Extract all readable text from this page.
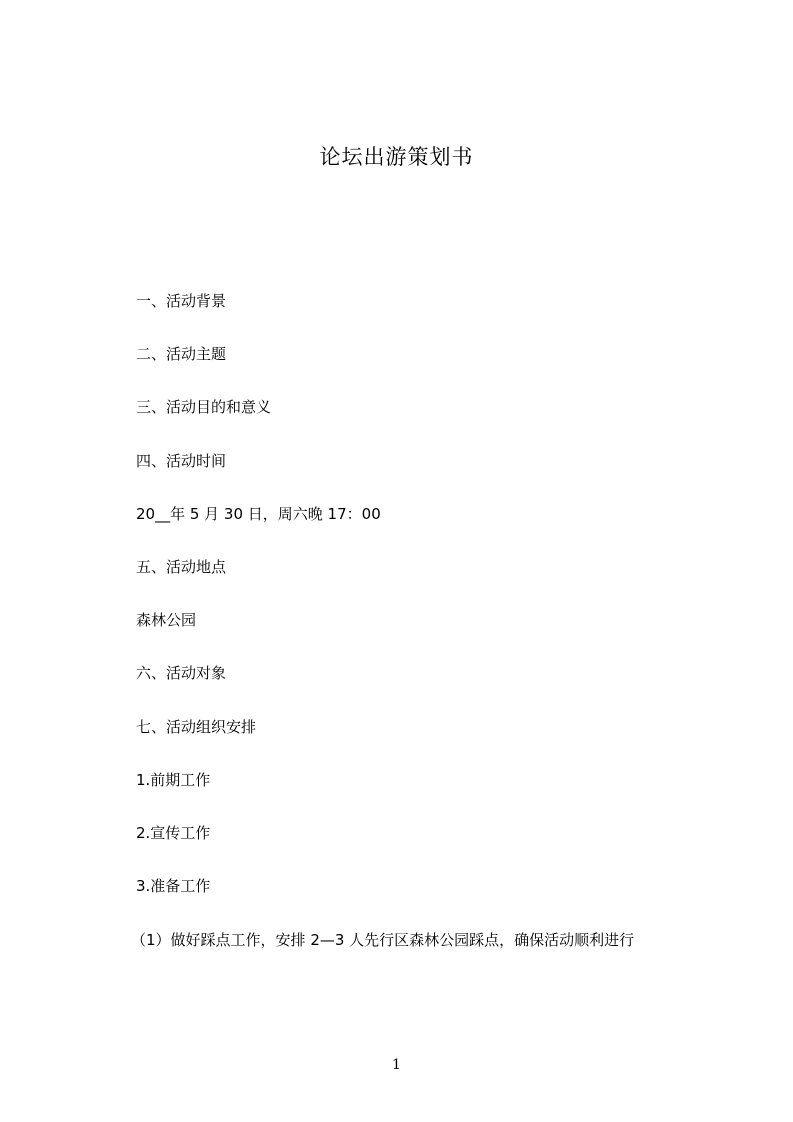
论坛出游策划书
一、活动背景
二、活动主题
三、活动目的和意义
四、活动时间
20__年 5 月 30 日，周六晚 17：00
五、活动地点
森林公园
六、活动对象
七、活动组织安排
1.前期工作
2.宣传工作
3.准备工作
（1）做好踩点工作，安排 2—3 人先行区森林公园踩点，确保活动顺利进行
1
